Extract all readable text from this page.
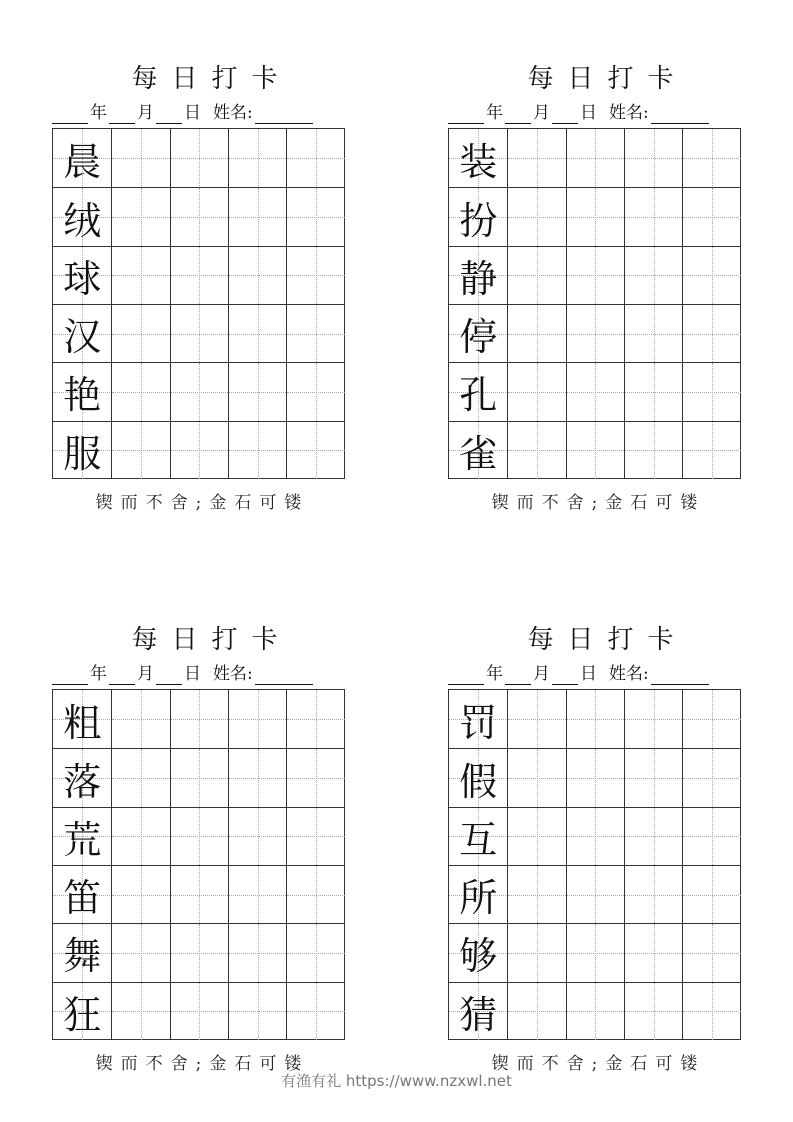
每日打卡
年 月 日 姓名:
晨
绒
球
汉
艳
服
锲而不舍;金石可镂
每日打卡
年 月 日 姓名:
装
扮
静
停
孔
雀
锲而不舍;金石可镂
每日打卡
年 月 日 姓名:
粗
落
荒
笛
舞
狂
锲而不舍;金石可镂
每日打卡
年 月 日 姓名:
罚
假
互
所
够
猜
锲而不舍;金石可镂
有渔有礼 https://www.nzxwl.net
